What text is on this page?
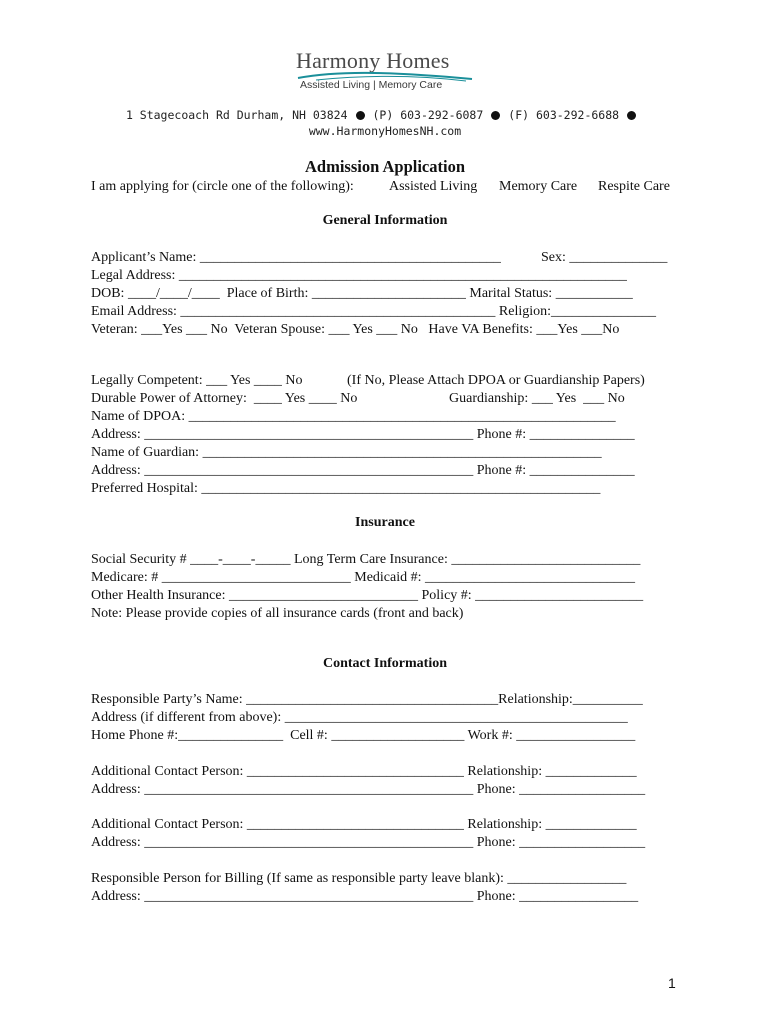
Harmony Homes
Assisted Living | Memory Care
1 Stagecoach Rd Durham, NH 03824 (P) 603-292-6087 (F) 603-292-6688
www.HarmonyHomesNH.com
Admission Application
I am applying for (circle one of the following):	Assisted Living Memory Care Respite Care
General Information
Applicant’s Name: ___________________________________________	Sex: ______________
Legal Address: ________________________________________________________________
DOB: ____/____/____  Place of Birth: ______________________ Marital Status: ___________
Email Address: _____________________________________________ Religion:_______________
Veteran: ___Yes ___ No  Veteran Spouse: ___ Yes ___ No   Have VA Benefits: ___Yes ___No
Legally Competent: ___ Yes ____ No	(If No, Please Attach DPOA or Guardianship Papers)
Durable Power of Attorney:  ____ Yes ____ No	Guardianship: ___ Yes  ___ No
Name of DPOA: _____________________________________________________________
Address: _______________________________________________ Phone #: _______________
Name of Guardian: _________________________________________________________
Address: _______________________________________________ Phone #: _______________
Preferred Hospital: _________________________________________________________
Insurance
Social Security # ____-____-_____ Long Term Care Insurance: ___________________________
Medicare: # ___________________________ Medicaid #: ______________________________
Other Health Insurance: ___________________________ Policy #: ________________________
Note: Please provide copies of all insurance cards (front and back)
Contact Information
Responsible Party’s Name: ____________________________________Relationship:__________
Address (if different from above): _________________________________________________
Home Phone #:_______________  Cell #: ___________________ Work #: _________________
Additional Contact Person: _______________________________ Relationship: _____________
Address: _______________________________________________ Phone: __________________
Additional Contact Person: _______________________________ Relationship: _____________
Address: _______________________________________________ Phone: __________________
Responsible Person for Billing (If same as responsible party leave blank): _________________
Address: _______________________________________________ Phone: _________________
1
